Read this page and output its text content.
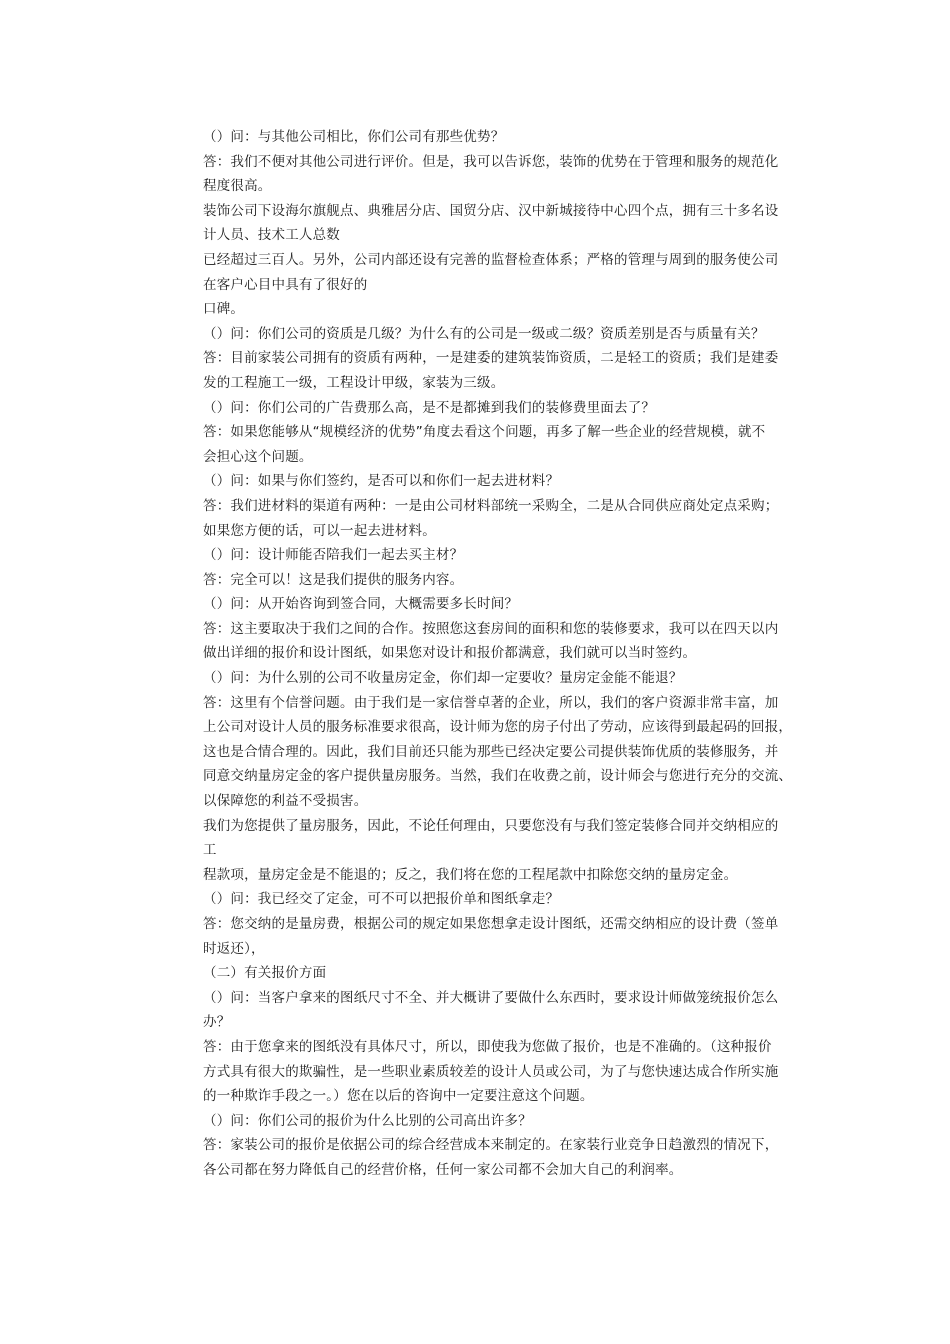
（）问：与其他公司相比，你们公司有那些优势？
答：我们不便对其他公司进行评价。但是，我可以告诉您，装饰的优势在于管理和服务的规范化
程度很高。
装饰公司下设海尔旗舰点、典雅居分店、国贸分店、汉中新城接待中心四个点，拥有三十多名设
计人员、技术工人总数
已经超过三百人。另外，公司内部还设有完善的监督检查体系；严格的管理与周到的服务使公司
在客户心目中具有了很好的
口碑。
（）问：你们公司的资质是几级？为什么有的公司是一级或二级？资质差别是否与质量有关？
答：目前家装公司拥有的资质有两种，一是建委的建筑装饰资质，二是轻工的资质；我们是建委
发的工程施工一级，工程设计甲级，家装为三级。
（）问：你们公司的广告费那么高，是不是都摊到我们的装修费里面去了？
答：如果您能够从“规模经济的优势”角度去看这个问题，再多了解一些企业的经营规模，就不
会担心这个问题。
（）问：如果与你们签约，是否可以和你们一起去进材料？
答：我们进材料的渠道有两种：一是由公司材料部统一采购全，二是从合同供应商处定点采购；
如果您方便的话，可以一起去进材料。
（）问：设计师能否陪我们一起去买主材？
答：完全可以！这是我们提供的服务内容。
（）问：从开始咨询到签合同，大概需要多长时间？
答：这主要取决于我们之间的合作。按照您这套房间的面积和您的装修要求，我可以在四天以内
做出详细的报价和设计图纸，如果您对设计和报价都满意，我们就可以当时签约。
（）问：为什么别的公司不收量房定金，你们却一定要收？量房定金能不能退？
答：这里有个信誉问题。由于我们是一家信誉卓著的企业，所以，我们的客户资源非常丰富，加
上公司对设计人员的服务标准要求很高，设计师为您的房子付出了劳动，应该得到最起码的回报，
这也是合情合理的。因此，我们目前还只能为那些已经决定要公司提供装饰优质的装修服务，并
同意交纳量房定金的客户提供量房服务。当然，我们在收费之前，设计师会与您进行充分的交流、
以保障您的利益不受损害。
我们为您提供了量房服务，因此，不论任何理由，只要您没有与我们签定装修合同并交纳相应的
工
程款项，量房定金是不能退的；反之，我们将在您的工程尾款中扣除您交纳的量房定金。
（）问：我已经交了定金，可不可以把报价单和图纸拿走？
答：您交纳的是量房费，根据公司的规定如果您想拿走设计图纸，还需交纳相应的设计费（签单
时返还），
（二）有关报价方面
（）问：当客户拿来的图纸尺寸不全、并大概讲了要做什么东西时，要求设计师做笼统报价怎么
办？
答：由于您拿来的图纸没有具体尺寸，所以，即使我为您做了报价，也是不准确的。（这种报价
方式具有很大的欺骗性，是一些职业素质较差的设计人员或公司，为了与您快速达成合作所实施
的一种欺诈手段之一。）您在以后的咨询中一定要注意这个问题。
（）问：你们公司的报价为什么比别的公司高出许多？
答：家装公司的报价是依据公司的综合经营成本来制定的。在家装行业竞争日趋激烈的情况下，
各公司都在努力降低自己的经营价格，任何一家公司都不会加大自己的利润率。
